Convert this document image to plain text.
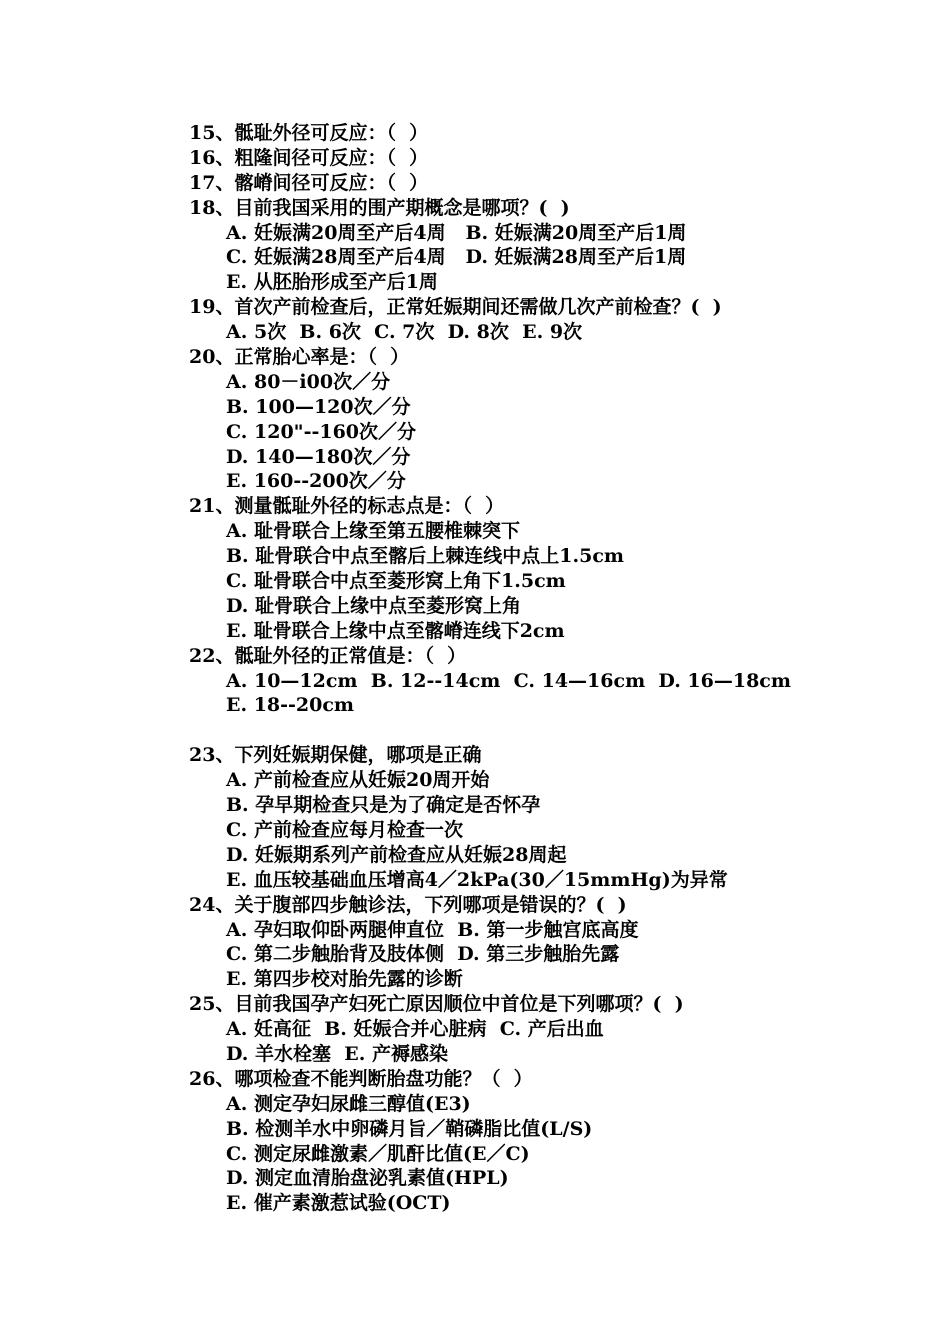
15、骶耻外径可反应：（  ）
16、粗隆间径可反应：（  ）
17、髂嵴间径可反应：（  ）
18、目前我国采用的围产期概念是哪项？(  )
A. 妊娠满20周至产后4周   B. 妊娠满20周至产后1周
C. 妊娠满28周至产后4周   D. 妊娠满28周至产后1周
E. 从胚胎形成至产后1周
19、首次产前检查后，正常妊娠期间还需做几次产前检查？(  )
A. 5次  B. 6次  C. 7次  D. 8次  E. 9次
20、正常胎心率是：（  ）
A. 80－i00次／分
B. 100—120次／分
C. 120"--160次／分
D. 140—180次／分
E. 160--200次／分
21、测量骶耻外径的标志点是：（  ）
A. 耻骨联合上缘至第五腰椎棘突下
B. 耻骨联合中点至髂后上棘连线中点上1.5cm
C. 耻骨联合中点至菱形窝上角下1.5cm
D. 耻骨联合上缘中点至菱形窝上角
E. 耻骨联合上缘中点至髂嵴连线下2cm
22、骶耻外径的正常值是：（  ）
A. 10—12cm  B. 12--14cm  C. 14—16cm  D. 16—18cm
E. 18--20cm
23、下列妊娠期保健，哪项是正确
A. 产前检查应从妊娠20周开始
B. 孕早期检查只是为了确定是否怀孕
C. 产前检查应每月检查一次
D. 妊娠期系列产前检查应从妊娠28周起
E. 血压较基础血压增高4／2kPa(30／15mmHg)为异常
24、关于腹部四步触诊法，下列哪项是错误的？(  )
A. 孕妇取仰卧两腿伸直位  B. 第一步触宫底高度
C. 第二步触胎背及肢体侧  D. 第三步触胎先露
E. 第四步校对胎先露的诊断
25、目前我国孕产妇死亡原因顺位中首位是下列哪项？(  )
A. 妊高征  B. 妊娠合并心脏病  C. 产后出血
D. 羊水栓塞  E. 产褥感染
26、哪项检查不能判断胎盘功能？（  ）
A. 测定孕妇尿雌三醇值(E3)
B. 检测羊水中卵磷月旨／鞘磷脂比值(L/S)
C. 测定尿雌激素／肌酐比值(E／C)
D. 测定血清胎盘泌乳素值(HPL)
E. 催产素激惹试验(OCT)
